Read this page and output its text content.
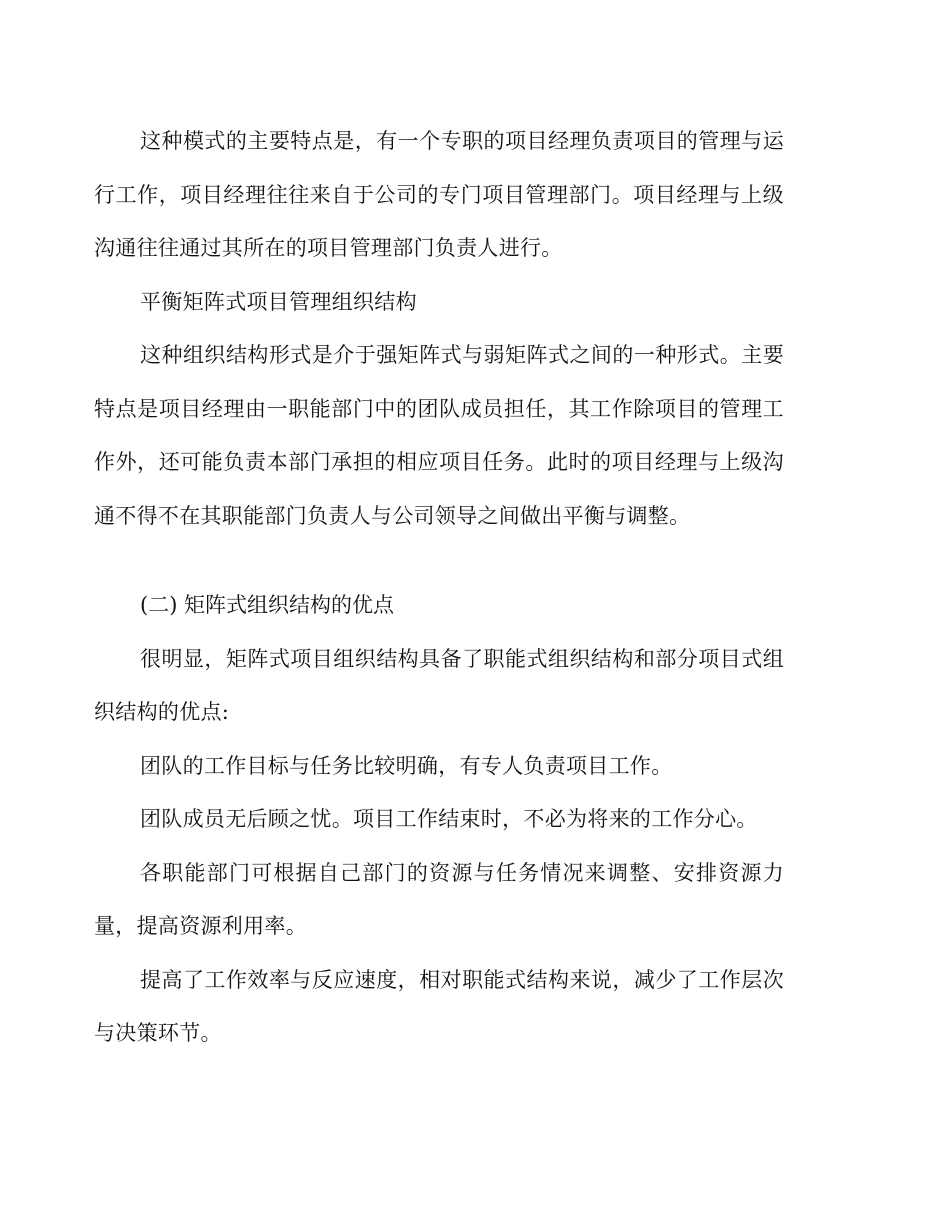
这种模式的主要特点是，有一个专职的项目经理负责项目的管理与运行工作，项目经理往往来自于公司的专门项目管理部门。项目经理与上级沟通往往通过其所在的项目管理部门负责人进行。

平衡矩阵式项目管理组织结构

这种组织结构形式是介于强矩阵式与弱矩阵式之间的一种形式。主要特点是项目经理由一职能部门中的团队成员担任，其工作除项目的管理工作外，还可能负责本部门承担的相应项目任务。此时的项目经理与上级沟通不得不在其职能部门负责人与公司领导之间做出平衡与调整。

(二) 矩阵式组织结构的优点

很明显，矩阵式项目组织结构具备了职能式组织结构和部分项目式组织结构的优点:

团队的工作目标与任务比较明确，有专人负责项目工作。

团队成员无后顾之忧。项目工作结束时，不必为将来的工作分心。

各职能部门可根据自己部门的资源与任务情况来调整、安排资源力量，提高资源利用率。

提高了工作效率与反应速度，相对职能式结构来说，减少了工作层次与决策环节。
